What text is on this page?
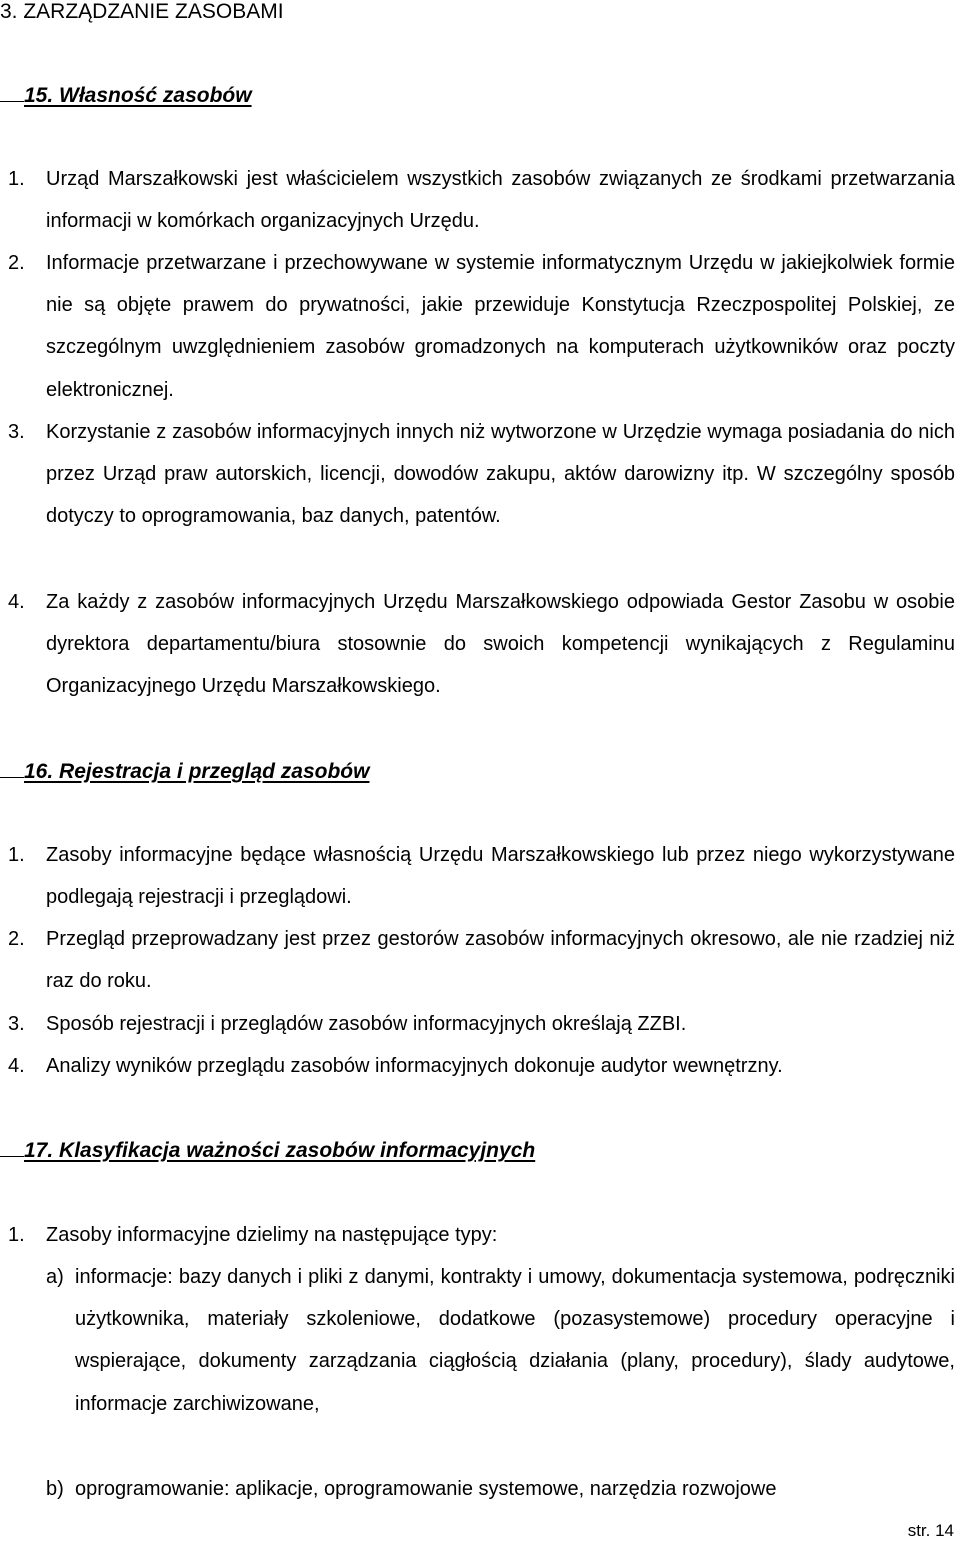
3. ZARZĄDZANIE ZASOBAMI
15. Własność zasobów
1. Urząd Marszałkowski jest właścicielem wszystkich zasobów związanych ze środkami przetwarzania informacji w komórkach organizacyjnych Urzędu.
2. Informacje przetwarzane i przechowywane w systemie informatycznym Urzędu w jakiejkolwiek formie nie są objęte prawem do prywatności, jakie przewiduje Konstytucja Rzeczpospolitej Polskiej, ze szczególnym uwzględnieniem zasobów gromadzonych na komputerach użytkowników oraz poczty elektronicznej.
3. Korzystanie z zasobów informacyjnych innych niż wytworzone w Urzędzie wymaga posiadania do nich przez Urząd praw autorskich, licencji, dowodów zakupu, aktów darowizny itp. W szczególny sposób dotyczy to oprogramowania, baz danych, patentów.
4. Za każdy z zasobów informacyjnych Urzędu Marszałkowskiego odpowiada Gestor Zasobu w osobie dyrektora departamentu/biura stosownie do swoich kompetencji wynikających z Regulaminu Organizacyjnego Urzędu Marszałkowskiego.
16. Rejestracja i przegląd zasobów
1. Zasoby informacyjne będące własnością Urzędu Marszałkowskiego lub przez niego wykorzystywane podlegają rejestracji i przeglądowi.
2. Przegląd przeprowadzany jest przez gestorów zasobów informacyjnych okresowo, ale nie rzadziej niż raz do roku.
3. Sposób rejestracji i przeglądów zasobów informacyjnych określają ZZBI.
4. Analizy wyników przeglądu zasobów informacyjnych dokonuje audytor wewnętrzny.
17. Klasyfikacja ważności zasobów informacyjnych
1. Zasoby informacyjne dzielimy na następujące typy:
a) informacje: bazy danych i pliki z danymi, kontrakty i umowy, dokumentacja systemowa, podręczniki użytkownika, materiały szkoleniowe, dodatkowe (pozasystemowe) procedury operacyjne i wspierające, dokumenty zarządzania ciągłością działania (plany, procedury), ślady audytowe, informacje zarchiwizowane,
b) oprogramowanie: aplikacje, oprogramowanie systemowe, narzędzia rozwojowe
str. 14
